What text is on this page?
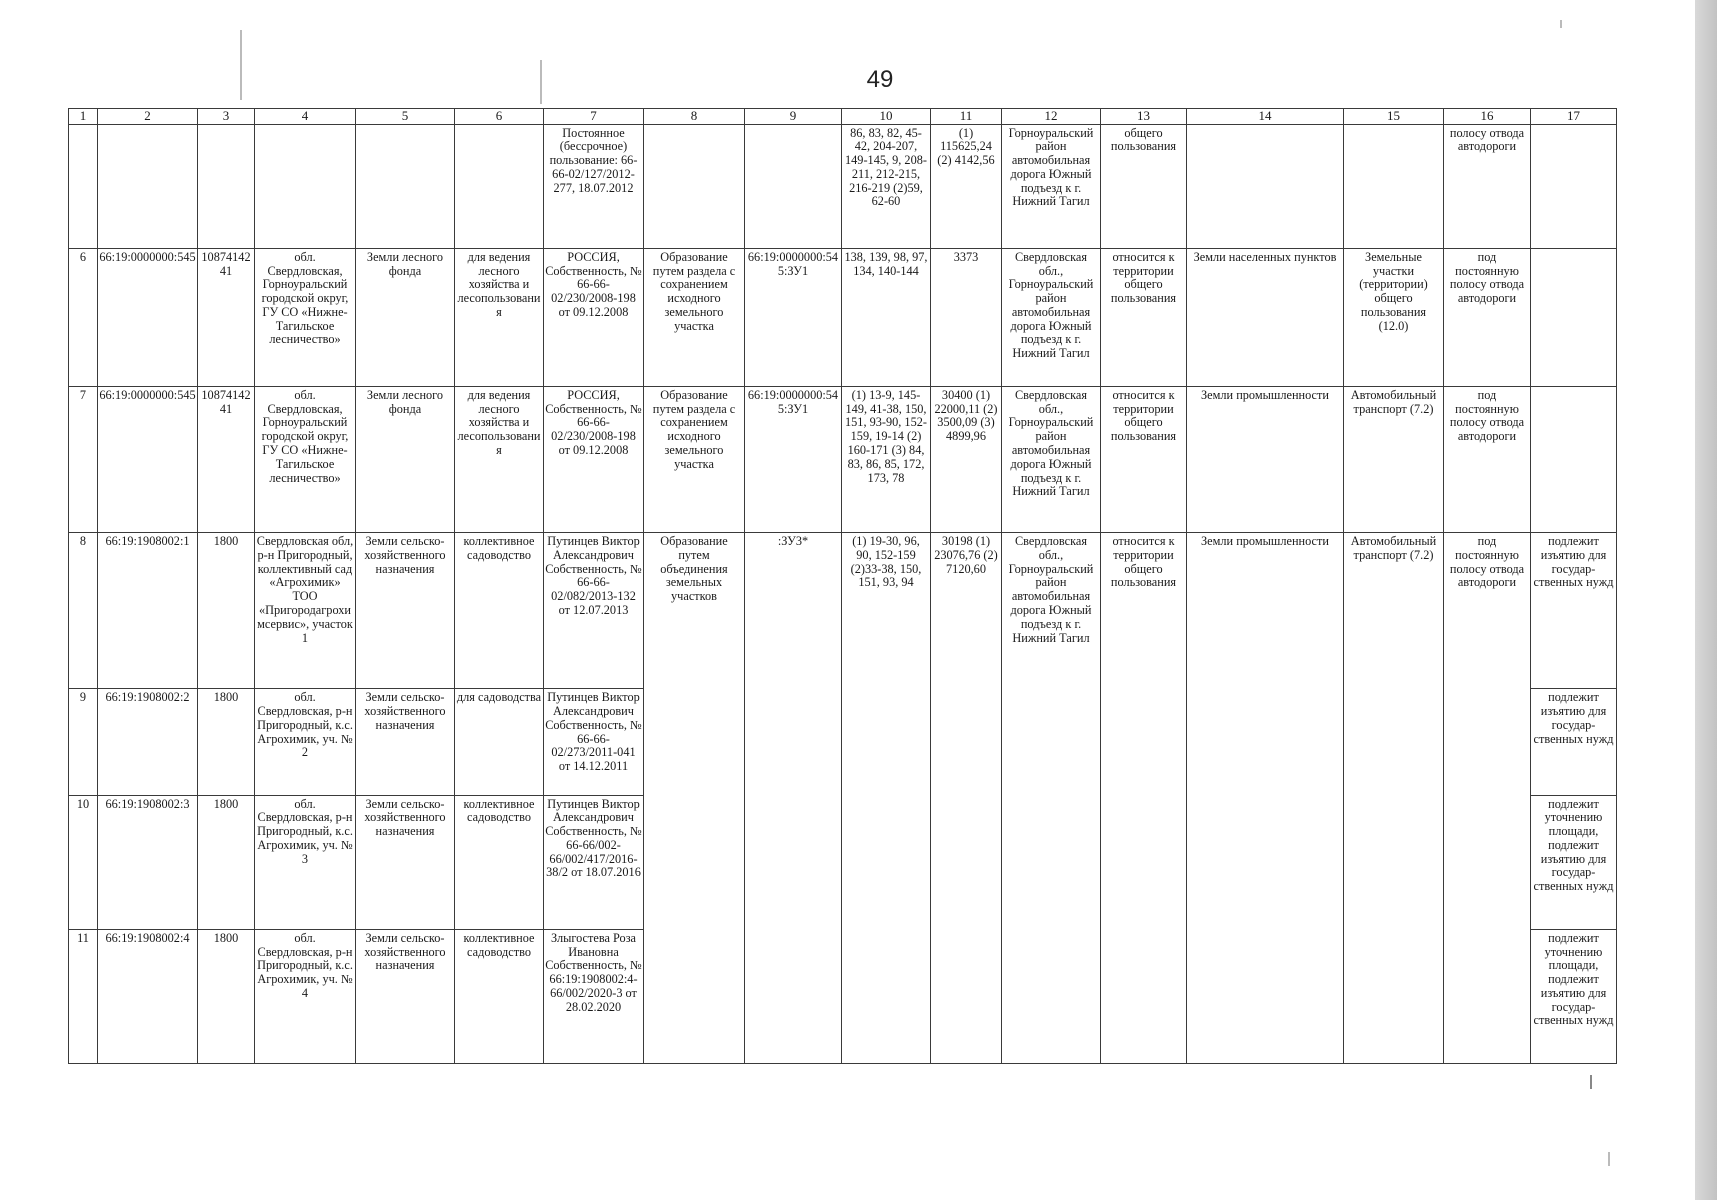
49
1	2	3	4	5	6	7	8	9	10	11	12	13	14	15	16	17
						Постоянное (бессрочное) пользование: 66-66-02/127/2012-277, 18.07.2012			86, 83, 82, 45-42, 204-207, 149-145, 9, 208-211, 212-215, 216-219 (2)59, 62-60	(1) 115625,24 (2) 4142,56	Горноуральский район автомобильная дорога Южный подъезд к г. Нижний Тагил	общего пользования			полосу отвода автодороги	
6	66:19:0000000:545	1087414241	обл. Свердловская, Горноуральский городской округ, ГУ СО «Нижне-Тагильское лесничество»	Земли лесного фонда	для ведения лесного хозяйства и лесопользования	РОССИЯ, Собственность, № 66-66-02/230/2008-198 от 09.12.2008	Образование путем раздела с сохранением исходного земельного участка	66:19:0000000:545:ЗУ1	138, 139, 98, 97, 134, 140-144	3373	Свердловская обл., Горноуральский район автомобильная дорога Южный подъезд к г. Нижний Тагил	относится к территории общего пользования	Земли населенных пунктов	Земельные участки (территории) общего пользования (12.0)	под постоянную полосу отвода автодороги	
7	66:19:0000000:545	1087414241	обл. Свердловская, Горноуральский городской округ, ГУ СО «Нижне-Тагильское лесничество»	Земли лесного фонда	для ведения лесного хозяйства и лесопользования	РОССИЯ, Собственность, № 66-66-02/230/2008-198 от 09.12.2008	Образование путем раздела с сохранением исходного земельного участка	66:19:0000000:545:ЗУ1	(1) 13-9, 145-149, 41-38, 150, 151, 93-90, 152-159, 19-14 (2) 160-171 (3) 84, 83, 86, 85, 172, 173, 78	30400 (1) 22000,11 (2) 3500,09 (3) 4899,96	Свердловская обл., Горноуральский район автомобильная дорога Южный подъезд к г. Нижний Тагил	относится к территории общего пользования	Земли промышленности	Автомобильный транспорт (7.2)	под постоянную полосу отвода автодороги	
8	66:19:1908002:1	1800	Свердловская обл, р-н Пригородный, коллективный сад «Агрохимик» ТОО «Пригородагрохимсервис», участок 1	Земли сельско-хозяйственного назначения	коллективное садоводство	Путинцев Виктор Александрович Собственность, № 66-66-02/082/2013-132 от 12.07.2013	Образование путем объединения земельных участков	:ЗУ3*	(1) 19-30, 96, 90, 152-159 (2)33-38, 150, 151, 93, 94	30198 (1) 23076,76 (2) 7120,60	Свердловская обл., Горноуральский район автомобильная дорога Южный подъезд к г. Нижний Тагил	относится к территории общего пользования	Земли промышленности	Автомобильный транспорт (7.2)	под постоянную полосу отвода автодороги	подлежит изъятию для государ-ственных нужд
9	66:19:1908002:2	1800	обл. Свердловская, р-н Пригородный, к.с. Агрохимик, уч. № 2	Земли сельско-хозяйственного назначения	для садоводства	Путинцев Виктор Александрович Собственность, № 66-66-02/273/2011-041 от 14.12.2011										подлежит изъятию для государ-ственных нужд
10	66:19:1908002:3	1800	обл. Свердловская, р-н Пригородный, к.с. Агрохимик, уч. № 3	Земли сельско-хозяйственного назначения	коллективное садоводство	Путинцев Виктор Александрович Собственность, № 66-66/002-66/002/417/2016-38/2 от 18.07.2016										подлежит уточнению площади, подлежит изъятию для государ-ственных нужд
11	66:19:1908002:4	1800	обл. Свердловская, р-н Пригородный, к.с. Агрохимик, уч. № 4	Земли сельско-хозяйственного назначения	коллективное садоводство	Злыгостева Роза Ивановна Собственность, № 66:19:1908002:4-66/002/2020-3 от 28.02.2020										подлежит уточнению площади, подлежит изъятию для государ-ственных нужд
